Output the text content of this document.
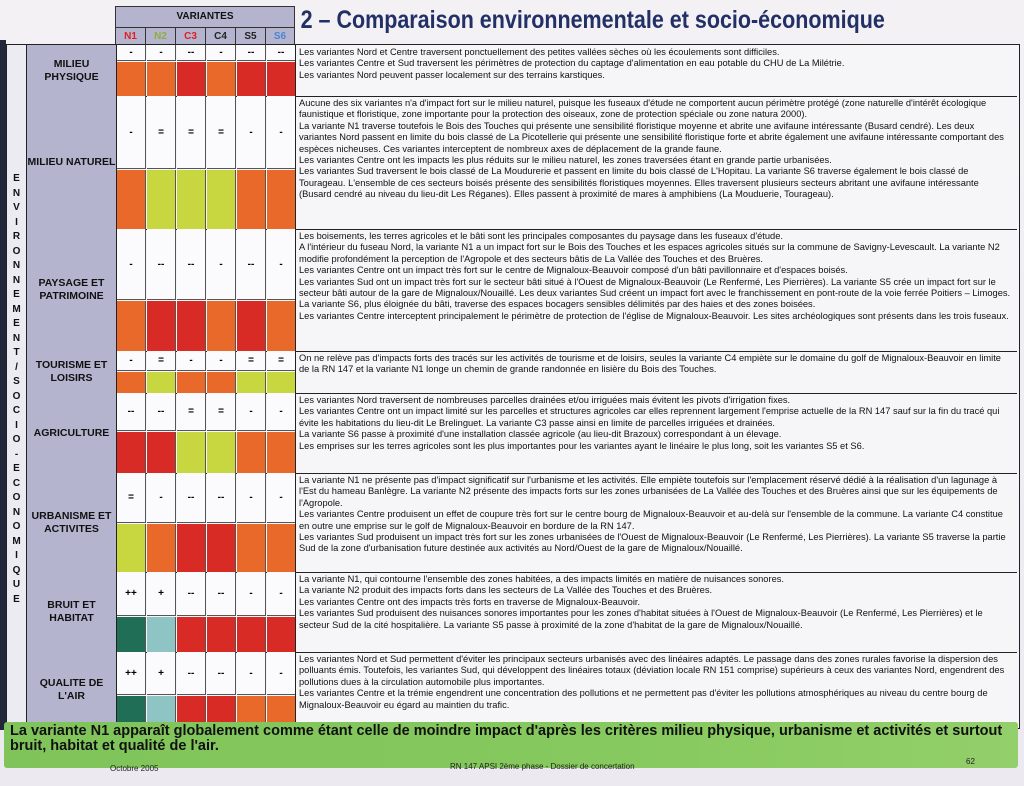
VARIANTES
N1	N2	C3	C4	S5	S6
2 – Comparaison environnementale et socio-économique
E
N
V
I
R
O
N
N
E
M
E
N
T
/
S
O
C
I
O
-
E
C
O
N
O
M
I
Q
U
E
MILIEU PHYSIQUE
-	-	--	-	--	--	Les variantes Nord et Centre traversent ponctuellement des petites vallées sèches où les écoulements sont difficiles.

Les variantes Centre et Sud traversent les périmètres de protection du captage d'alimentation en eau potable du CHU de La Milétrie.

Les variantes Nord peuvent passer localement sur des terrains karstiques.

MILIEU NATUREL
-	=	=	=	-	-

Aucune des six variantes n'a d'impact fort sur le milieu naturel, puisque les fuseaux d'étude ne comportent aucun périmètre protégé (zone naturelle d'intérêt écologique faunistique et floristique, zone importante pour la protection des oiseaux, zone de protection spéciale ou zone natura 2000).

La variante N1 traverse toutefois le Bois des Touches qui présente une sensibilité floristique moyenne et abrite une avifaune intéressante (Busard cendré). Les deux variantes Nord passent en limite du bois classé de La Picotellerie qui présente une sensibilité floristique forte et abrite également une avifaune intéressante comportant des espèces nicheuses. Ces variantes interceptent de nombreux axes de déplacement de la grande faune.

Les variantes Centre ont les impacts les plus réduits sur le milieu naturel, les zones traversées étant en grande partie urbanisées.

Les variantes Sud traversent le bois classé de La Moudurerie et passent en limite du bois classé de L'Hopitau. La variante S6 traverse également le bois classé de Touragеau. L'ensemble de ces secteurs boisés présente des sensibilités floristiques moyennes. Elles traversent plusieurs secteurs abritant une avifaune intéressante (Busard cendré au niveau du lieu-dit Les Réganes). Elles passent à proximité de mares à amphibiens (La Mouduerie, Touragеau).

PAYSAGE ET PATRIMOINE
-	--	--	-	--	-

Les boisements, les terres agricoles et le bâti sont les principales composantes du paysage dans les fuseaux d'étude.

A l'intérieur du fuseau Nord, la variante N1 a un impact fort sur le Bois des Touches et les espaces agricoles situés sur la commune de Savigny-Levescault. La variante N2 modifie profondément la perception de l'Agropole et des secteurs bâtis de La Vallée des Touches et des Bruères.

Les variantes Centre ont un impact très fort sur le centre de Mignaloux-Beauvoir composé d'un bâti pavillonnaire et d'espaces boisés.

Les variantes Sud ont un impact très fort sur le secteur bâti situé à l'Ouest de Mignaloux-Beauvoir (Le Renfermé, Les Pierrières). La variante S5 crée un impact fort sur le secteur bâti autour de la gare de Mignaloux/Nouaillé. Les deux variantes Sud créent un impact fort avec le franchissement en pont-route de la voie ferrée Poitiers – Limoges. La variante S6, plus éloignée du bâti, traverse des espaces bocagers sensibles délimités par des haies et des zones boisées.

Les variantes Centre interceptent principalement le périmètre de protection de l'église de Mignaloux-Beauvoir. Les sites archéologiques sont présents dans les trois fuseaux.

TOURISME ET LOISIRS
-	=	-	-	=	=	On ne relève pas d'impacts forts des tracés sur les activités de tourisme et de loisirs, seules la variante C4 empiète sur le domaine du golf de Mignaloux-Beauvoir en limite de la RN 147 et la variante N1 longe un chemin de grande randonnée en lisière du Bois des Touches.

AGRICULTURE
--	--	=	=	-	-

Les variantes Nord traversent de nombreuses parcelles drainées et/ou irriguées mais évitent les pivots d'irrigation fixes.

Les variantes Centre ont un impact limité sur les parcelles et structures agricoles car elles reprennent largement l'emprise actuelle de la RN 147 sauf sur la fin du tracé qui évite les habitations du lieu-dit Le Brelinguet. La variante C3 passe ainsi en limite de parcelles irriguées et drainées.

La variante S6 passe à proximité d'une installation classée agricole (au lieu-dit Brazoux) correspondant à un élevage.

Les emprises sur les terres agricoles sont les plus importantes pour les variantes ayant le linéaire le plus long, soit les variantes S5 et S6.

URBANISME ET ACTIVITES
=	-	--	--	-	-

La variante N1 ne présente pas d'impact significatif sur l'urbanisme et les activités. Elle empiète toutefois sur l'emplacement réservé dédié à la réalisation d'un lagunage à l'Est du hameau Banlègre. La variante N2 présente des impacts forts sur les zones urbanisées de La Vallée des Touches et des Bruères ainsi que sur les équipements de l'Agropole.

Les variantes Centre produisent un effet de coupure très fort sur le centre bourg de Mignaloux-Beauvoir et au-delà sur l'ensemble de la commune. La variante C4 constitue en outre une emprise sur le golf de Mignaloux-Beauvoir en bordure de la RN 147.

Les variantes Sud produisent un impact très fort sur les zones urbanisées de l'Ouest de Mignaloux-Beauvoir (Le Renfermé, Les Pierrières). La variante S5 traverse la partie Sud de la zone d'urbanisation future destinée aux activités au Nord/Ouest de la gare de Mignaloux/Nouaillé.

BRUIT ET HABITAT
++	+	--	--	-	-

La variante N1, qui contourne l'ensemble des zones habitées, a des impacts limités en matière de nuisances sonores.

La variante N2 produit des impacts forts dans les secteurs de La Vallée des Touches et des Bruères.

Les variantes Centre ont des impacts très forts en traverse de Mignaloux-Beauvoir.

Les variantes Sud produisent des nuisances sonores importantes pour les zones d'habitat situées à l'Ouest de Mignaloux-Beauvoir (Le Renfermé, Les Pierrières) et le secteur Sud de la cité hospitalière. La variante S5 passe à proximité de la zone d'habitat de la gare de Mignaloux/Nouaillé.

QUALITE DE L'AIR
++	+	--	--	-	-

Les variantes Nord et Sud permettent d'éviter les principaux secteurs urbanisés avec des linéaires adaptés. Le passage dans des zones rurales favorise la dispersion des polluants émis. Toutefois, les variantes Sud, qui développent des linéaires totaux (déviation locale RN 151 comprise) supérieurs à ceux des variantes Nord, engendrent des pollutions dues à la circulation automobile plus importantes.

Les variantes Centre et la trémie engendrent une concentration des pollutions et ne permettent pas d'éviter les pollutions atmosphériques au niveau du centre bourg de Mignaloux-Beauvoir eu égard au maintien du trafic.

La variante N1 apparaît globalement comme étant celle de moindre impact d'après les critères milieu physique, urbanisme et activités et surtout bruit, habitat et qualité de l'air.
Octobre 2005	RN 147 APSI 2ème phase - Dossier de concertation
62
